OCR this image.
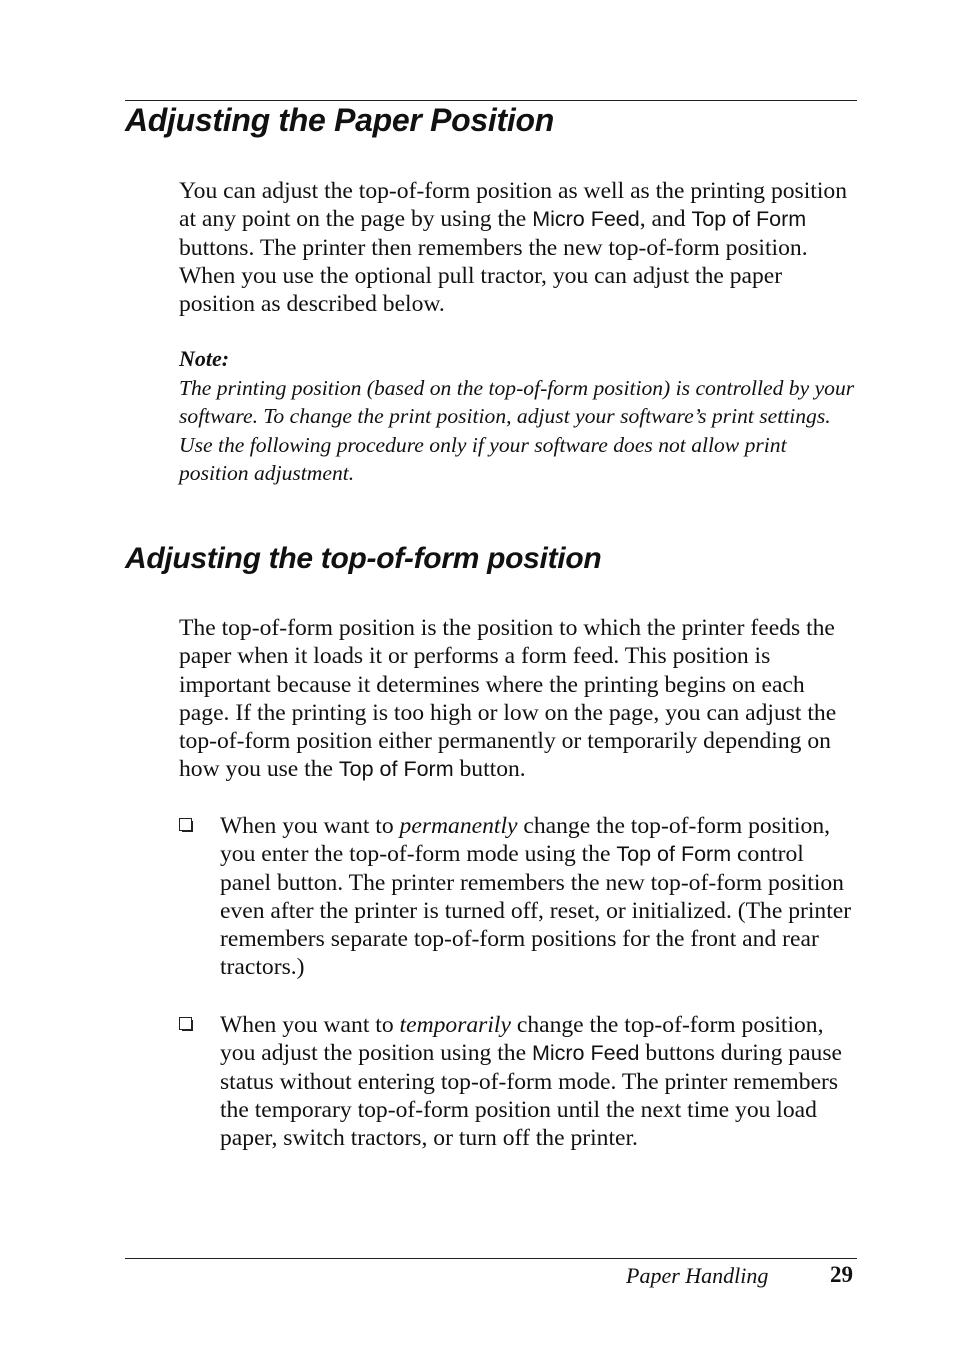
Adjusting the Paper Position

You can adjust the top-of-form position as well as the printing position at any point on the page by using the Micro Feed, and Top of Form buttons. The printer then remembers the new top-of-form position. When you use the optional pull tractor, you can adjust the paper position as described below.

Note:

The printing position (based on the top-of-form position) is controlled by your software. To change the print position, adjust your software’s print settings. Use the following procedure only if your software does not allow print position adjustment.

Adjusting the top-of-form position

The top-of-form position is the position to which the printer feeds the paper when it loads it or performs a form feed. This position is important because it determines where the printing begins on each page. If the printing is too high or low on the page, you can adjust the top-of-form position either permanently or temporarily depending on how you use the Top of Form button.

When you want to permanently change the top-of-form position, you enter the top-of-form mode using the Top of Form control panel button. The printer remembers the new top-of-form position even after the printer is turned off, reset, or initialized. (The printer remembers separate top-of-form positions for the front and rear tractors.)

When you want to temporarily change the top-of-form position, you adjust the position using the Micro Feed buttons during pause status without entering top-of-form mode. The printer remembers the temporary top-of-form position until the next time you load paper, switch tractors, or turn off the printer.

Paper Handling	29
